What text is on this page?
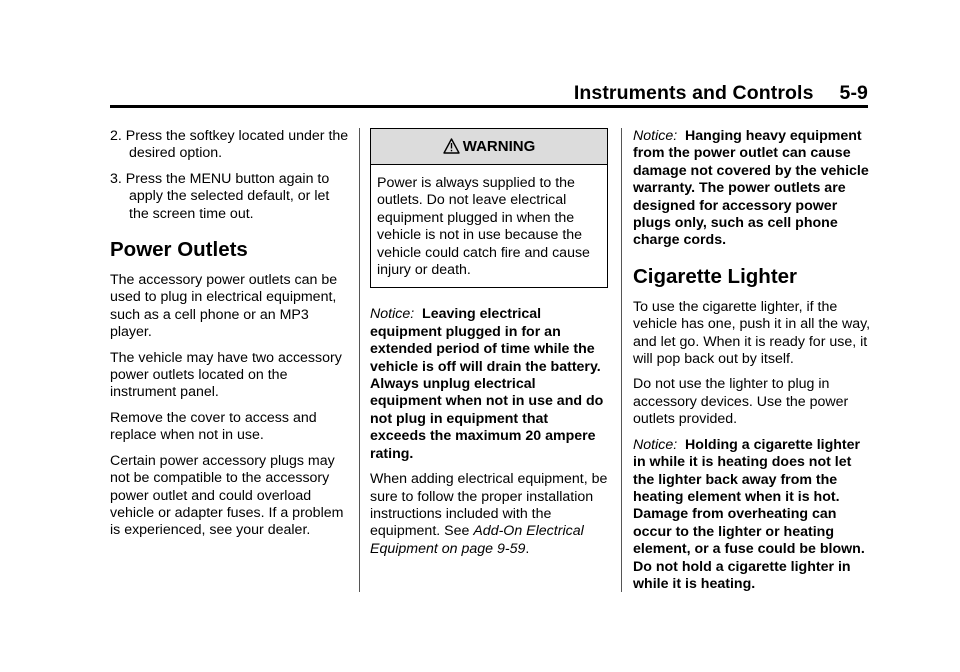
Instruments and Controls 5-9
2. Press the softkey located under the desired option.
3. Press the MENU button again to apply the selected default, or let the screen time out.
Power Outlets

The accessory power outlets can be used to plug in electrical equipment, such as a cell phone or an MP3 player.

The vehicle may have two accessory power outlets located on the instrument panel.

Remove the cover to access and replace when not in use.

Certain power accessory plugs may not be compatible to the accessory power outlet and could overload vehicle or adapter fuses. If a problem is experienced, see your dealer.

WARNING
Power is always supplied to the outlets. Do not leave electrical equipment plugged in when the vehicle is not in use because the vehicle could catch fire and cause injury or death.

Notice: Leaving electrical equipment plugged in for an extended period of time while the vehicle is off will drain the battery. Always unplug electrical equipment when not in use and do not plug in equipment that exceeds the maximum 20 ampere rating.

When adding electrical equipment, be sure to follow the proper installation instructions included with the equipment. See Add-On Electrical Equipment on page 9-59.

Notice: Hanging heavy equipment from the power outlet can cause damage not covered by the vehicle warranty. The power outlets are designed for accessory power plugs only, such as cell phone charge cords.

Cigarette Lighter

To use the cigarette lighter, if the vehicle has one, push it in all the way, and let go. When it is ready for use, it will pop back out by itself.

Do not use the lighter to plug in accessory devices. Use the power outlets provided.

Notice: Holding a cigarette lighter in while it is heating does not let the lighter back away from the heating element when it is hot. Damage from overheating can occur to the lighter or heating element, or a fuse could be blown. Do not hold a cigarette lighter in while it is heating.
